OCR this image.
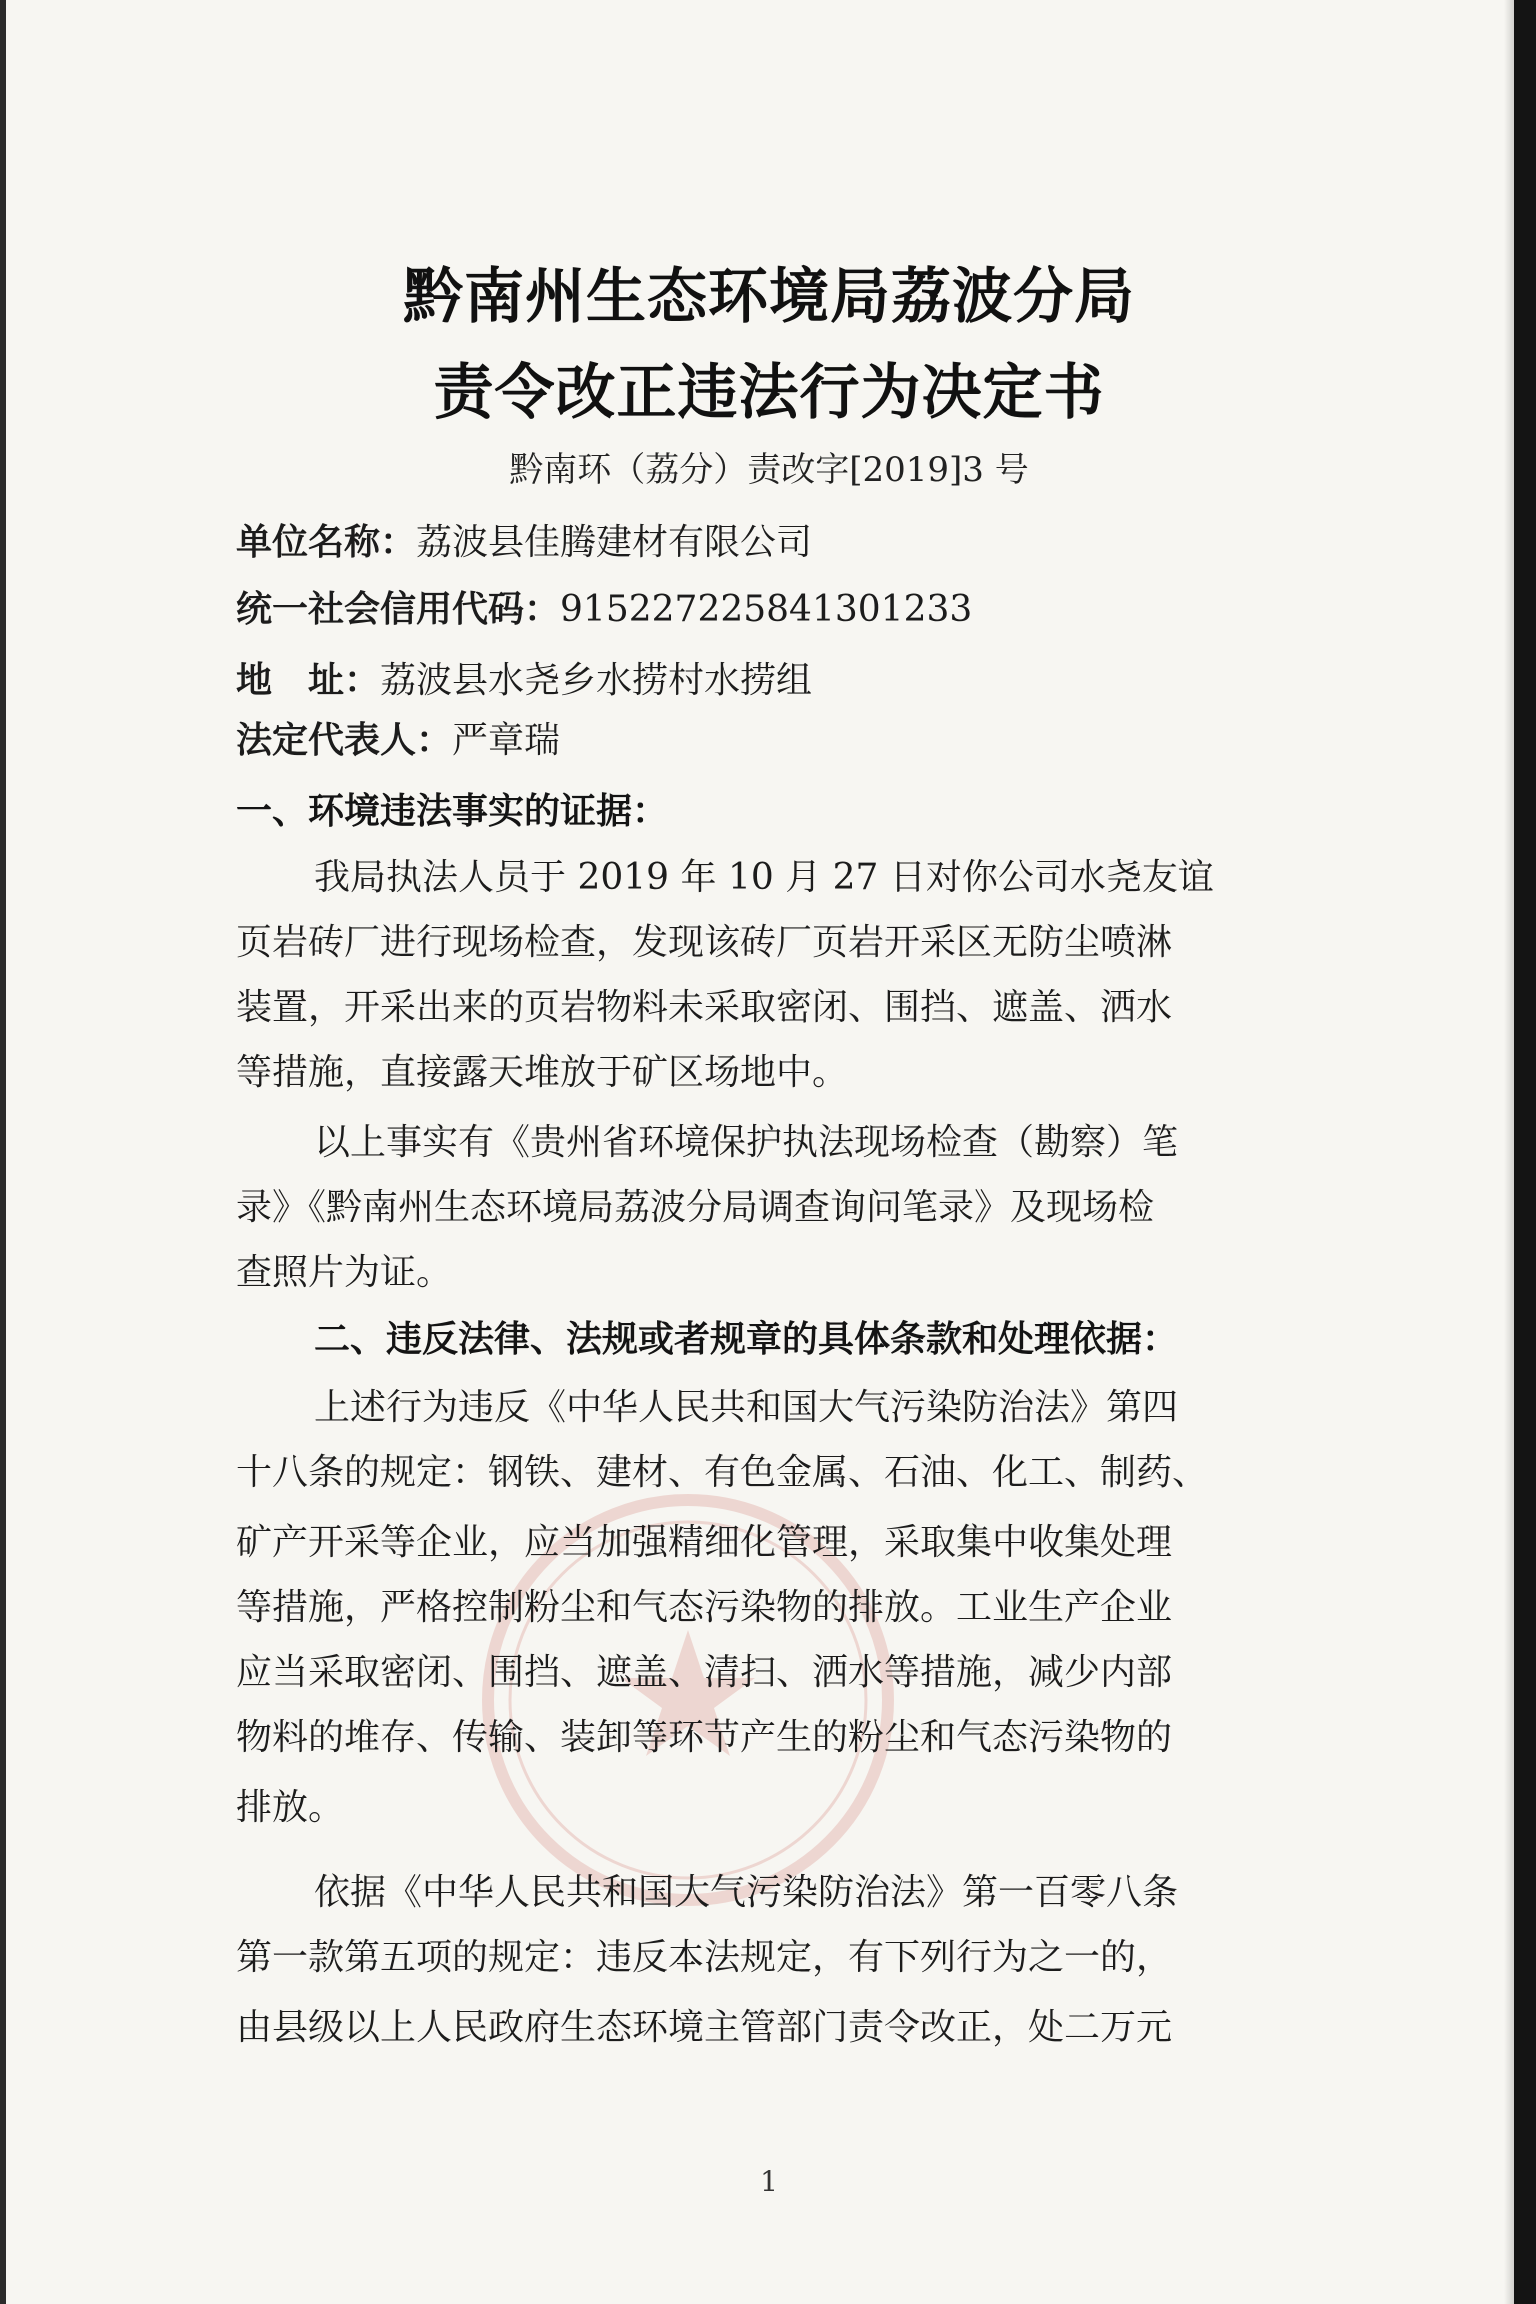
黔南州生态环境局荔波分局
责令改正违法行为决定书
黔南环（荔分）责改字[2019]3 号
单位名称：荔波县佳腾建材有限公司
统一社会信用代码：915227225841301233
地　址：荔波县水尧乡水捞村水捞组
法定代表人：严章瑞
一、环境违法事实的证据：
我局执法人员于 2019 年 10 月 27 日对你公司水尧友谊
页岩砖厂进行现场检查，发现该砖厂页岩开采区无防尘喷淋
装置，开采出来的页岩物料未采取密闭、围挡、遮盖、洒水
等措施，直接露天堆放于矿区场地中。
以上事实有《贵州省环境保护执法现场检查（勘察）笔
录》《黔南州生态环境局荔波分局调查询问笔录》及现场检
查照片为证。
二、违反法律、法规或者规章的具体条款和处理依据：
上述行为违反《中华人民共和国大气污染防治法》第四
十八条的规定：钢铁、建材、有色金属、石油、化工、制药、
矿产开采等企业，应当加强精细化管理，采取集中收集处理
等措施，严格控制粉尘和气态污染物的排放。工业生产企业
应当采取密闭、围挡、遮盖、清扫、洒水等措施，减少内部
物料的堆存、传输、装卸等环节产生的粉尘和气态污染物的
排放。
依据《中华人民共和国大气污染防治法》第一百零八条
第一款第五项的规定：违反本法规定，有下列行为之一的，
由县级以上人民政府生态环境主管部门责令改正，处二万元
1
